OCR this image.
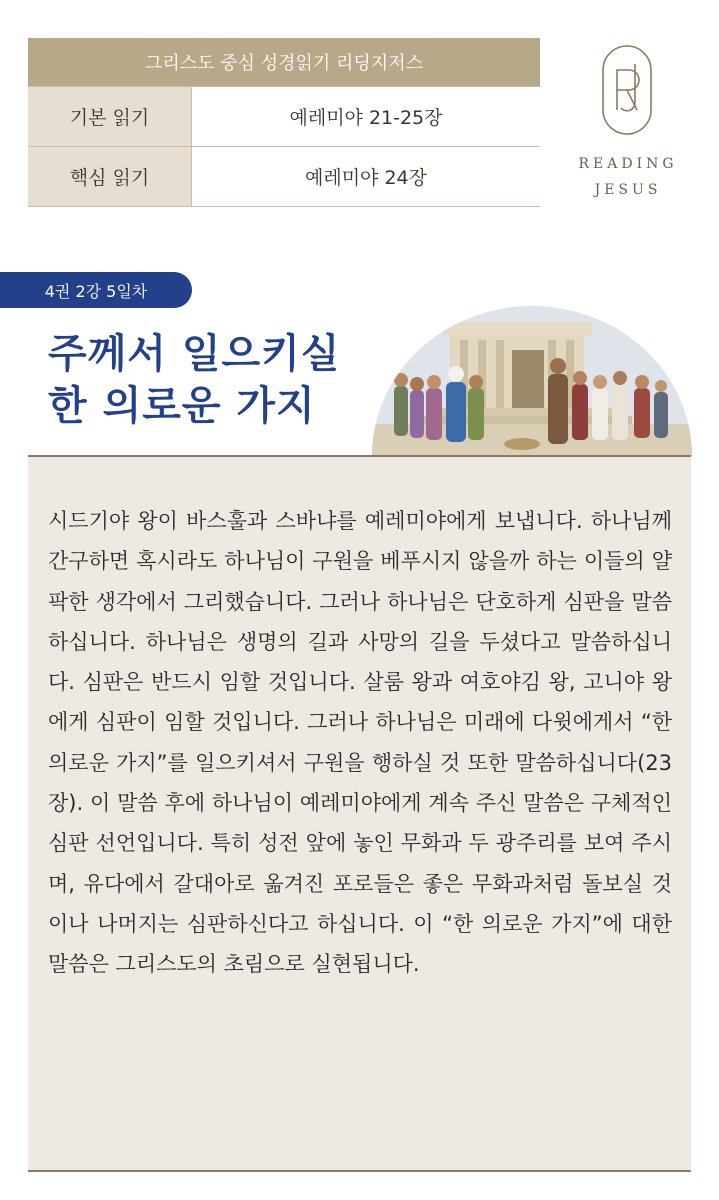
그리스도 중심 성경읽기 리딩지저스
기본 읽기	예레미야 21-25장
핵심 읽기	예레미야 24장
READING
JESUS
4권 2강 5일차
주께서 일으키실
한 의로운 가지
시드기야 왕이 바스훌과 스바냐를 예레미야에게 보냅니다. 하나님께 간구하면 혹시라도 하나님이 구원을 베푸시지 않을까 하는 이들의 얄팍한 생각에서 그리했습니다. 그러나 하나님은 단호하게 심판을 말씀하십니다. 하나님은 생명의 길과 사망의 길을 두셨다고 말씀하십니다. 심판은 반드시 임할 것입니다. 살룸 왕과 여호야김 왕, 고니야 왕에게 심판이 임할 것입니다. 그러나 하나님은 미래에 다윗에게서 “한 의로운 가지”를 일으키셔서 구원을 행하실 것 또한 말씀하십니다(23장). 이 말씀 후에 하나님이 예레미야에게 계속 주신 말씀은 구체적인 심판 선언입니다. 특히 성전 앞에 놓인 무화과 두 광주리를 보여 주시며, 유다에서 갈대아로 옮겨진 포로들은 좋은 무화과처럼 돌보실 것이나 나머지는 심판하신다고 하십니다. 이 “한 의로운 가지”에 대한 말씀은 그리스도의 초림으로 실현됩니다.
